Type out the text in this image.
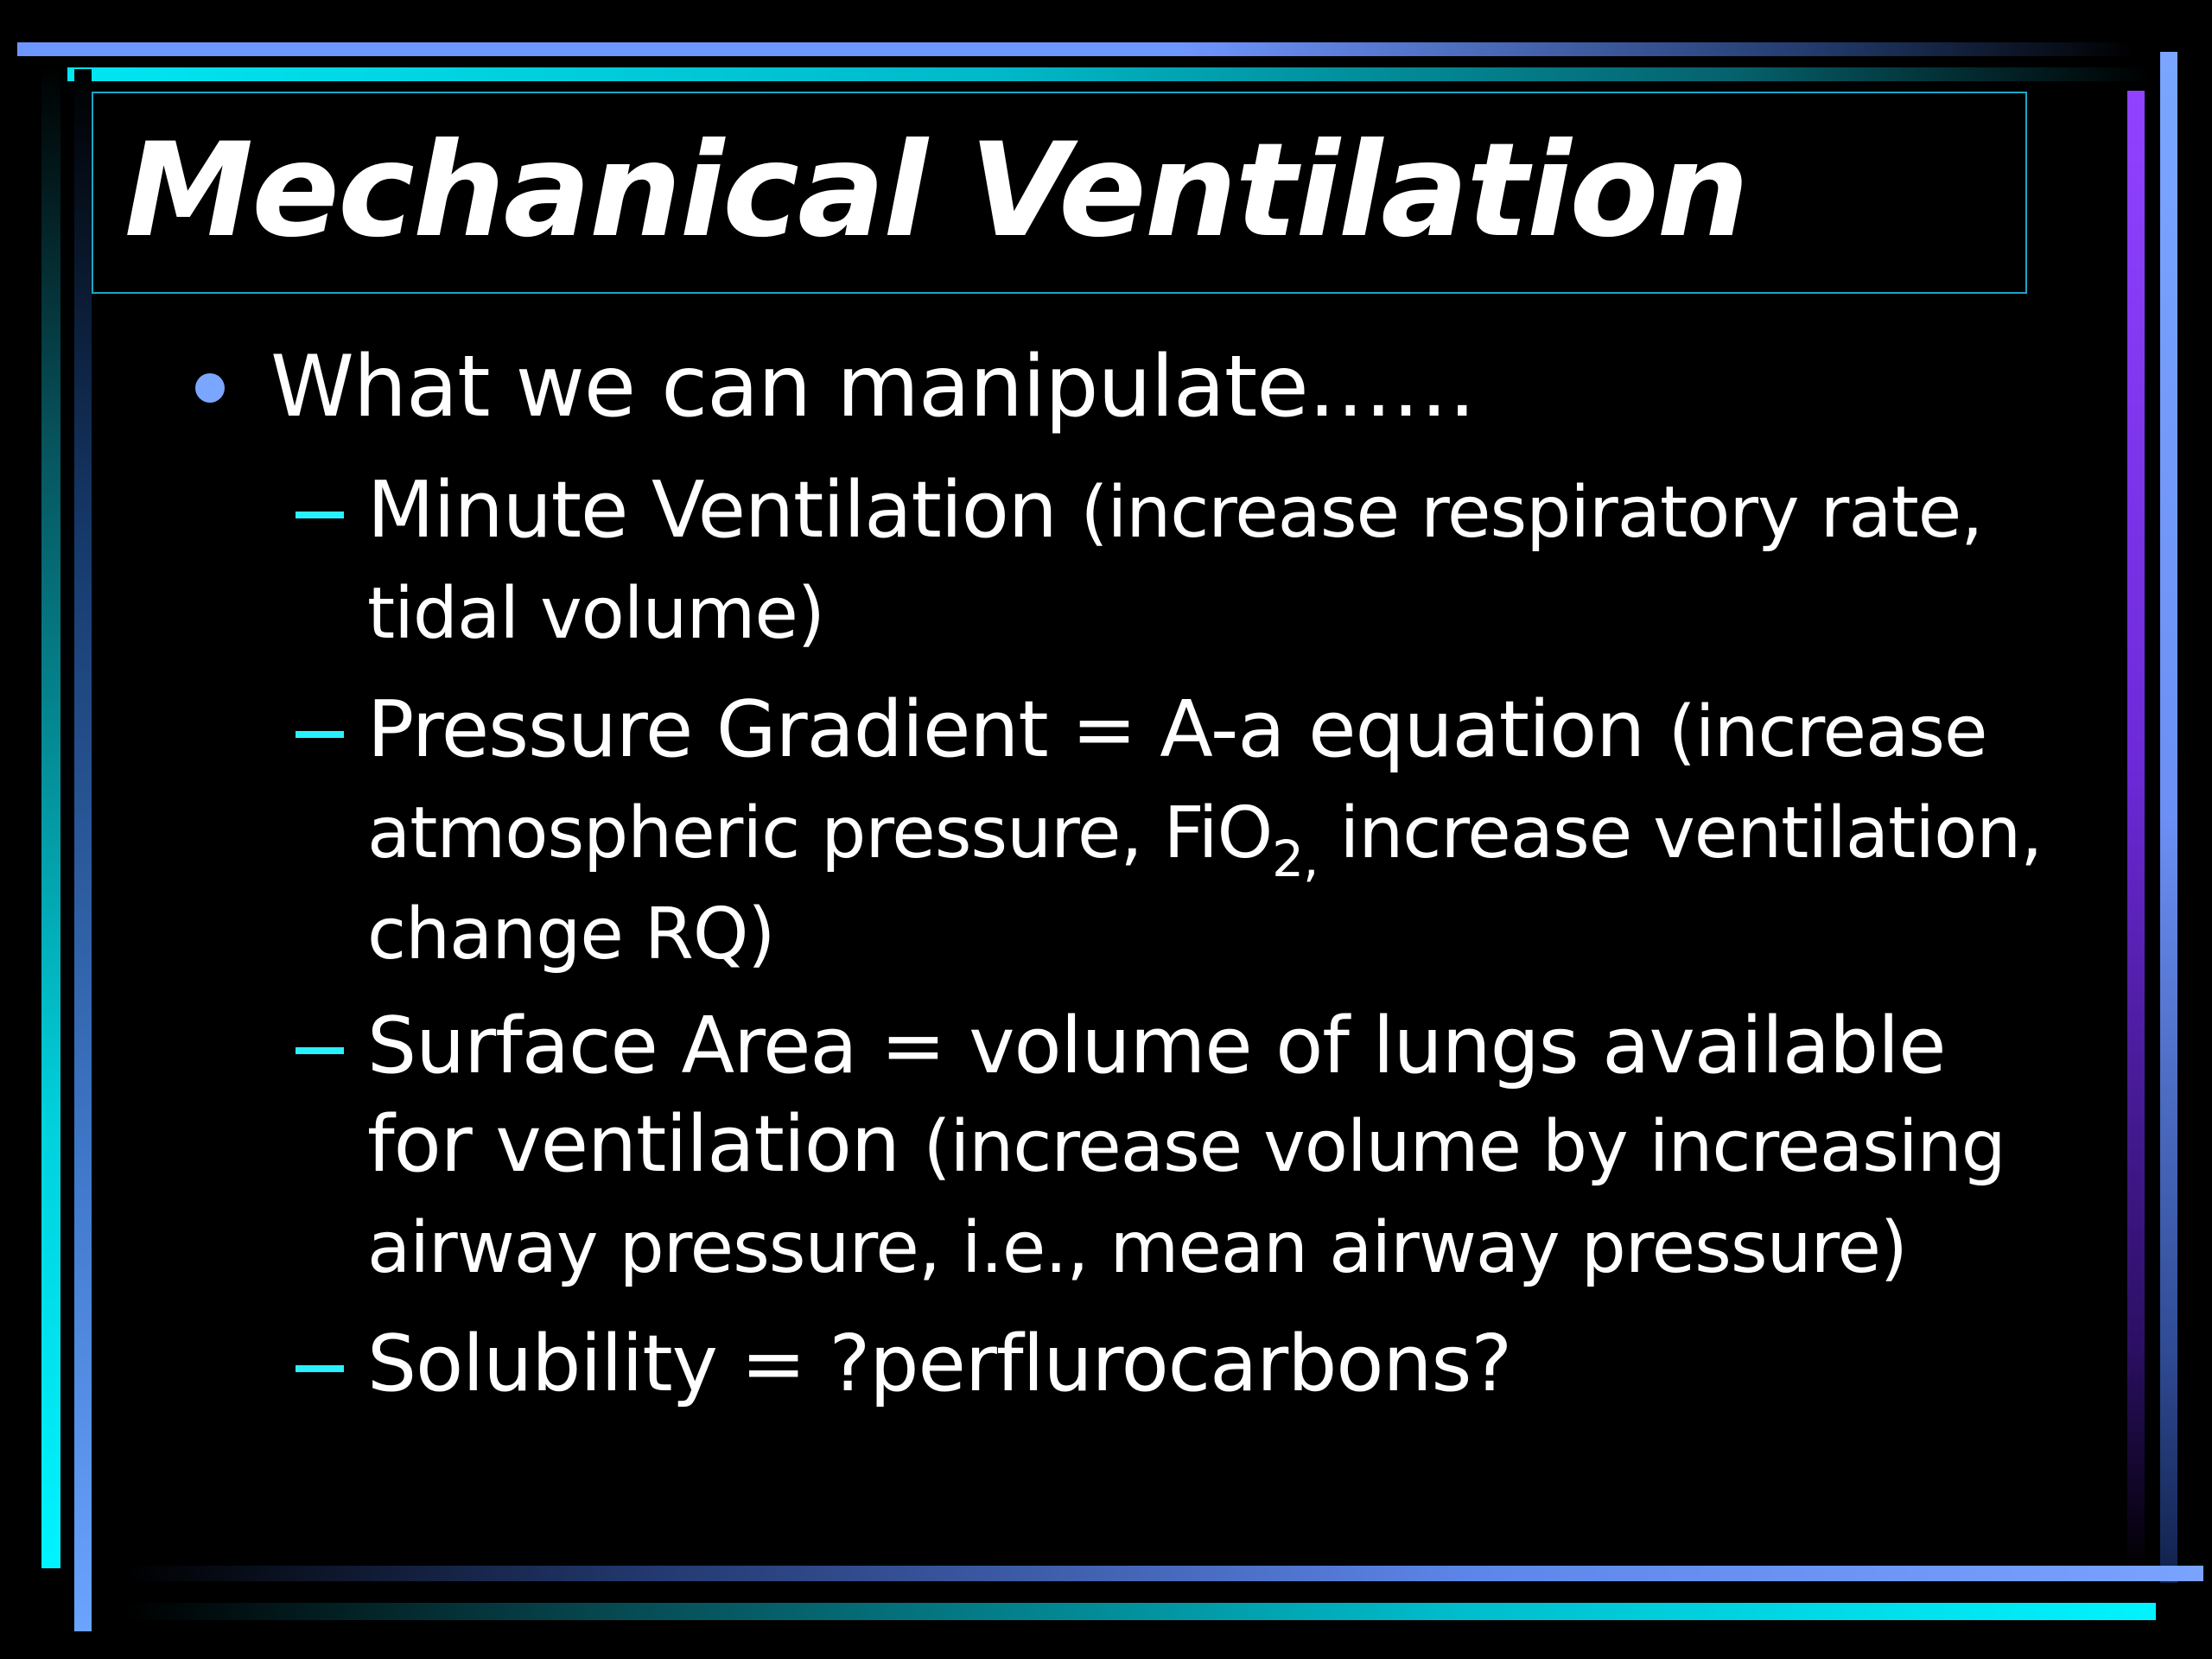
Mechanical Ventilation
What we can manipulate……
Minute Ventilation (increase respiratory rate, tidal volume)
Pressure Gradient = A-a equation (increase atmospheric pressure, FiO$_{2,}$ increase ventilation, change RQ)
Surface Area = volume of lungs available for ventilation (increase volume by increasing airway pressure, i.e., mean airway pressure)
Solubility = ?perflurocarbons?
